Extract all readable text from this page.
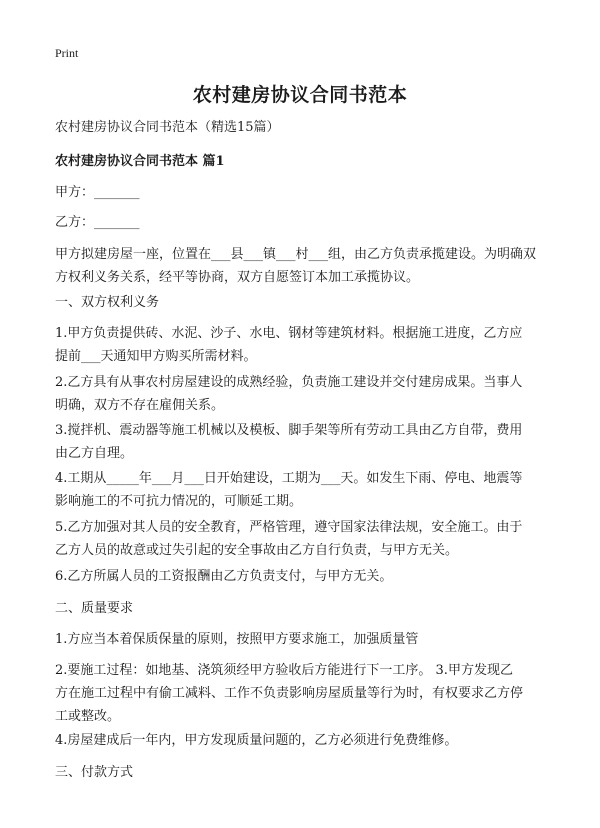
Print
农村建房协议合同书范本
农村建房协议合同书范本（精选15篇）
农村建房协议合同书范本 篇1
甲方：_______
乙方：_______
甲方拟建房屋一座，位置在___县___镇___村___组，由乙方负责承揽建设。为明确双
方权利义务关系，经平等协商，双方自愿签订本加工承揽协议。
一、双方权利义务
1.甲方负责提供砖、水泥、沙子、水电、钢材等建筑材料。根据施工进度，乙方应
提前___天通知甲方购买所需材料。
2.乙方具有从事农村房屋建设的成熟经验，负责施工建设并交付建房成果。当事人
明确，双方不存在雇佣关系。
3.搅拌机、震动器等施工机械以及模板、脚手架等所有劳动工具由乙方自带，费用
由乙方自理。
4.工期从_____年___月___日开始建设，工期为___天。如发生下雨、停电、地震等
影响施工的不可抗力情况的，可顺延工期。
5.乙方加强对其人员的安全教育，严格管理，遵守国家法律法规，安全施工。由于
乙方人员的故意或过失引起的安全事故由乙方自行负责，与甲方无关。
6.乙方所属人员的工资报酬由乙方负责支付，与甲方无关。
二、质量要求
1.方应当本着保质保量的原则，按照甲方要求施工，加强质量管
2.要施工过程：如地基、浇筑须经甲方验收后方能进行下一工序。 3.甲方发现乙
方在施工过程中有偷工减料、工作不负责影响房屋质量等行为时，有权要求乙方停
工或整改。
4.房屋建成后一年内，甲方发现质量问题的，乙方必须进行免费维修。
三、付款方式
